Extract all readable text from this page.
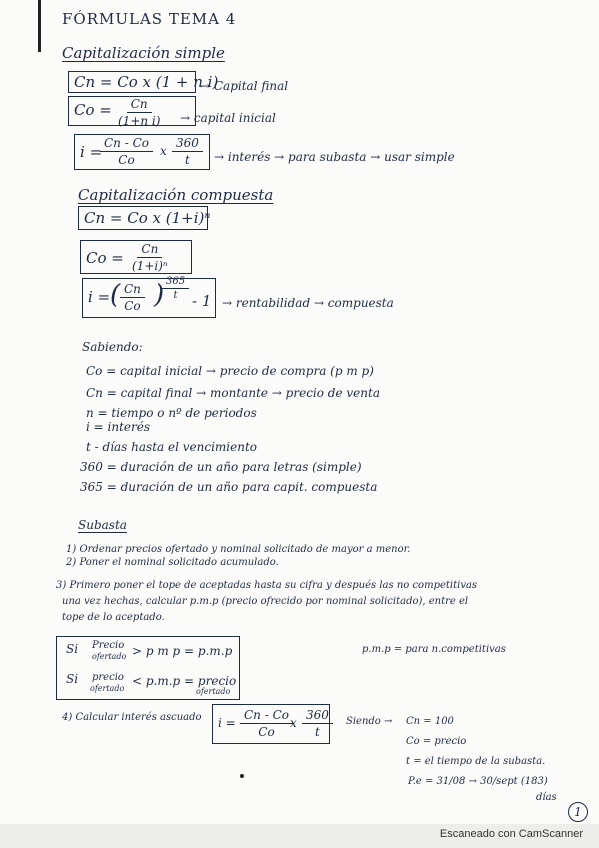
FÓRMULAS TEMA 4
Capitalización simple
Cn = Co x (1 + n i)
→ Capital final
$Co = \frac{Cn}{\text{(1+n i)}}$ → capital inicial
i =
$\frac{Cn - Co}{Co}$ x $\frac{360}{t}$ → interés → para subasta → usar simple
Capitalización compuesta
Cn = Co x (1+i)ⁿ
$Co = \frac{Cn}{\text{(1+i)ⁿ}}$
i = ( $\frac{Cn}{Co}$ )
$\frac{365}{t} - 1$ → rentabilidad → compuesta
Sabiendo:
Co = capital inicial → precio de compra (p m p)
Cn = capital final → montante → precio de venta
n = tiempo o nº de periodos
i = interés
t - días hasta el vencimiento
360 = duración de un año para letras (simple)
365 = duración de un año para capit. compuesta
Subasta
1) Ordenar precios ofertado y nominal solicitado de mayor a menor.
2) Poner el nominal solicitado acumulado.
3) Primero poner el tope de aceptadas hasta su cifra y después las no competitivas
una vez hechas, calcular p.m.p (precio ofrecido por nominal solicitado), entre el
tope de lo aceptado.
Si Precio
ofertado > p m p = p.m.p
Si precio
ofertado
< p.m.p = precio
ofertado
p.m.p = para n.competitivas
4) Calcular interés ascuado $i = \frac{Cn - Co}{Co}$
x $\frac{360}{t}$ Siendo → Cn = 100
Co = precio
t = el tiempo de la subasta.
P.e = 31/08 → 30/sept (183)
días
1
Escaneado con CamScanner
